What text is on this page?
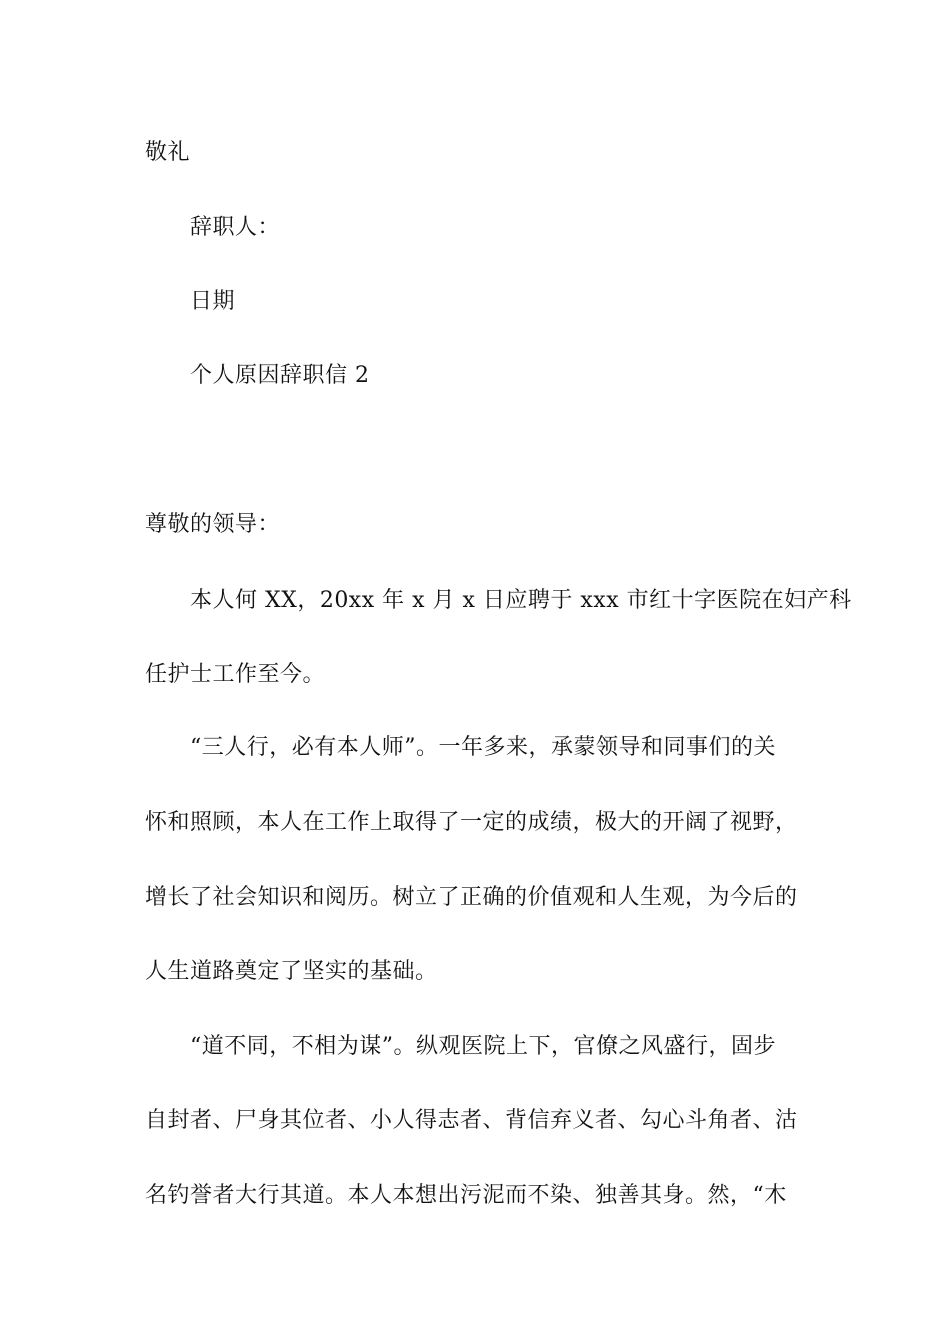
敬礼
辞职人：
日期
个人原因辞职信 2
尊敬的领导：
本人何 XX，20xx 年 x 月 x 日应聘于 xxx 市红十字医院在妇产科
任护士工作至今。
“三人行，必有本人师”。一年多来，承蒙领导和同事们的关
怀和照顾，本人在工作上取得了一定的成绩，极大的开阔了视野，
增长了社会知识和阅历。树立了正确的价值观和人生观，为今后的
人生道路奠定了坚实的基础。
“道不同，不相为谋”。纵观医院上下，官僚之风盛行，固步
自封者、尸身其位者、小人得志者、背信弃义者、勾心斗角者、沽
名钓誉者大行其道。本人本想出污泥而不染、独善其身。然，“木
